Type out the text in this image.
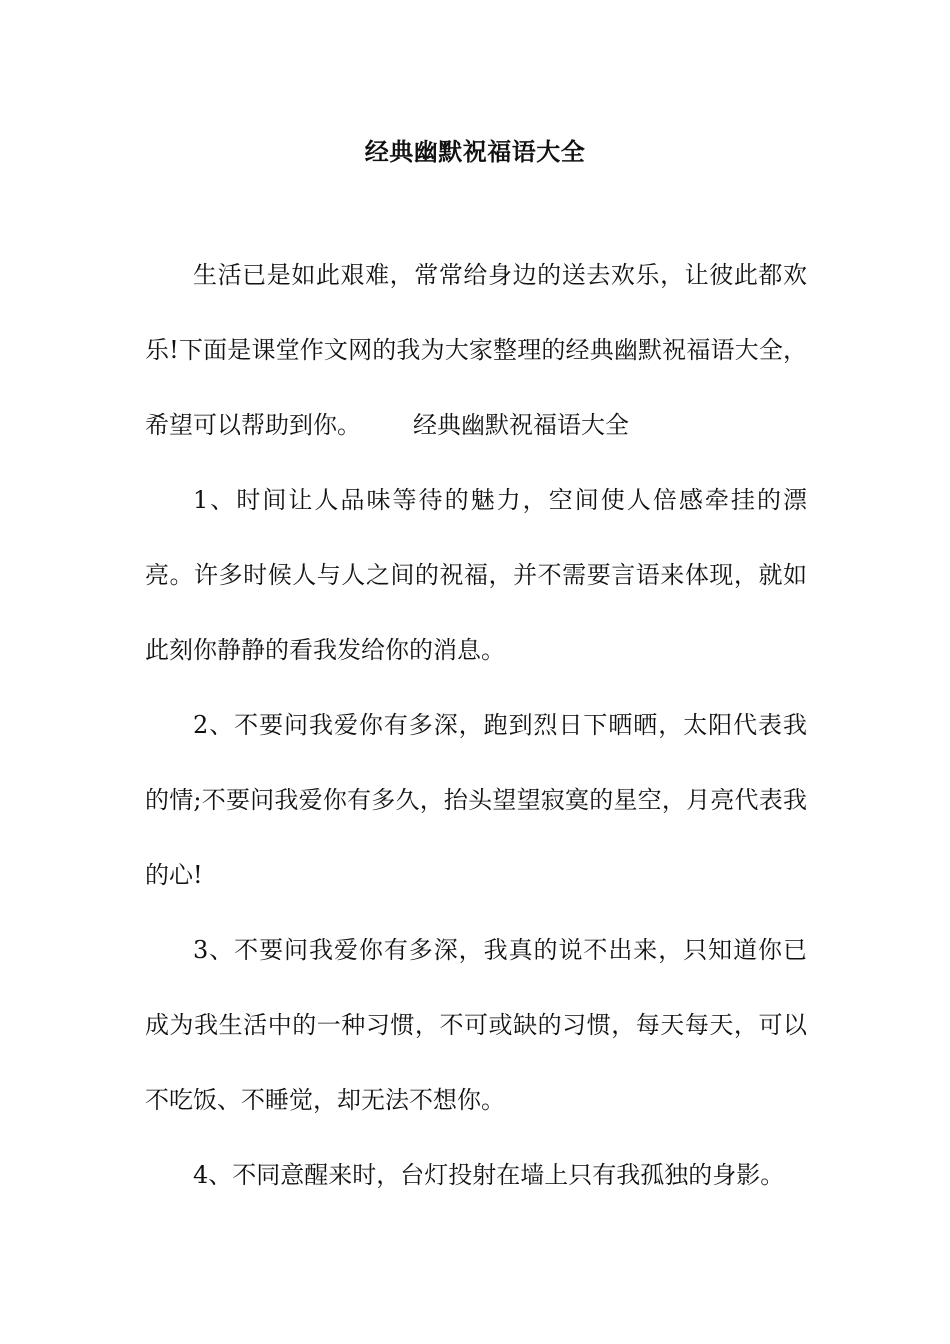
经典幽默祝福语大全

生活已是如此艰难，常常给身边的送去欢乐，让彼此都欢乐!下面是课堂作文网的我为大家整理的经典幽默祝福语大全，希望可以帮助到你。 经典幽默祝福语大全

1、时间让人品味等待的魅力，空间使人倍感牵挂的漂亮。许多时候人与人之间的祝福，并不需要言语来体现，就如此刻你静静的看我发给你的消息。

2、不要问我爱你有多深，跑到烈日下晒晒，太阳代表我的情;不要问我爱你有多久，抬头望望寂寞的星空，月亮代表我的心!

3、不要问我爱你有多深，我真的说不出来，只知道你已成为我生活中的一种习惯，不可或缺的习惯，每天每天，可以不吃饭、不睡觉，却无法不想你。

4、不同意醒来时，台灯投射在墙上只有我孤独的身影。
